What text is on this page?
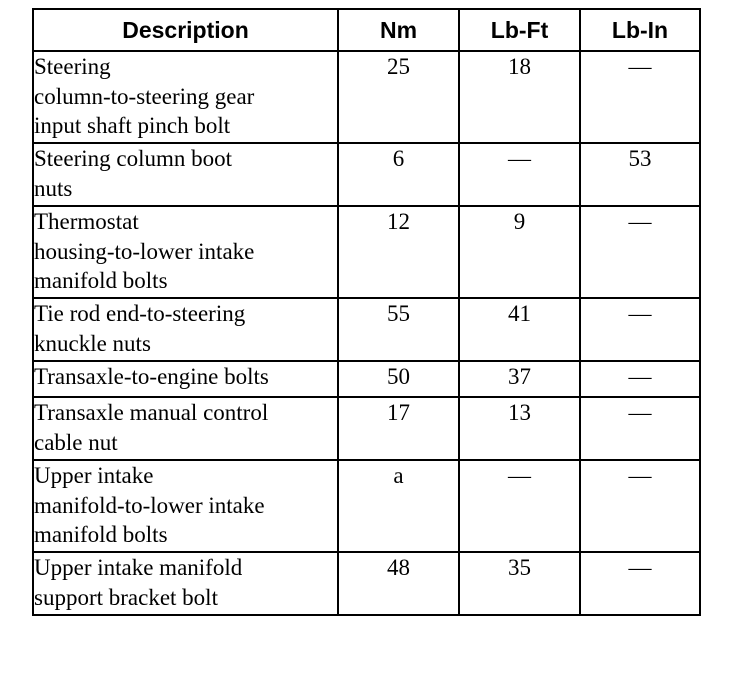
Description	Nm	Lb-Ft	Lb-In
Steering
column-to-steering gear
input shaft pinch bolt	25	18	—
Steering column boot
nuts	6	—	53
Thermostat
housing-to-lower intake
manifold bolts	12	9	—
Tie rod end-to-steering
knuckle nuts	55	41	—
Transaxle-to-engine bolts	50	37	—
Transaxle manual control
cable nut	17	13	—
Upper intake
manifold-to-lower intake
manifold bolts	a	—	—
Upper intake manifold
support bracket bolt	48	35	—
